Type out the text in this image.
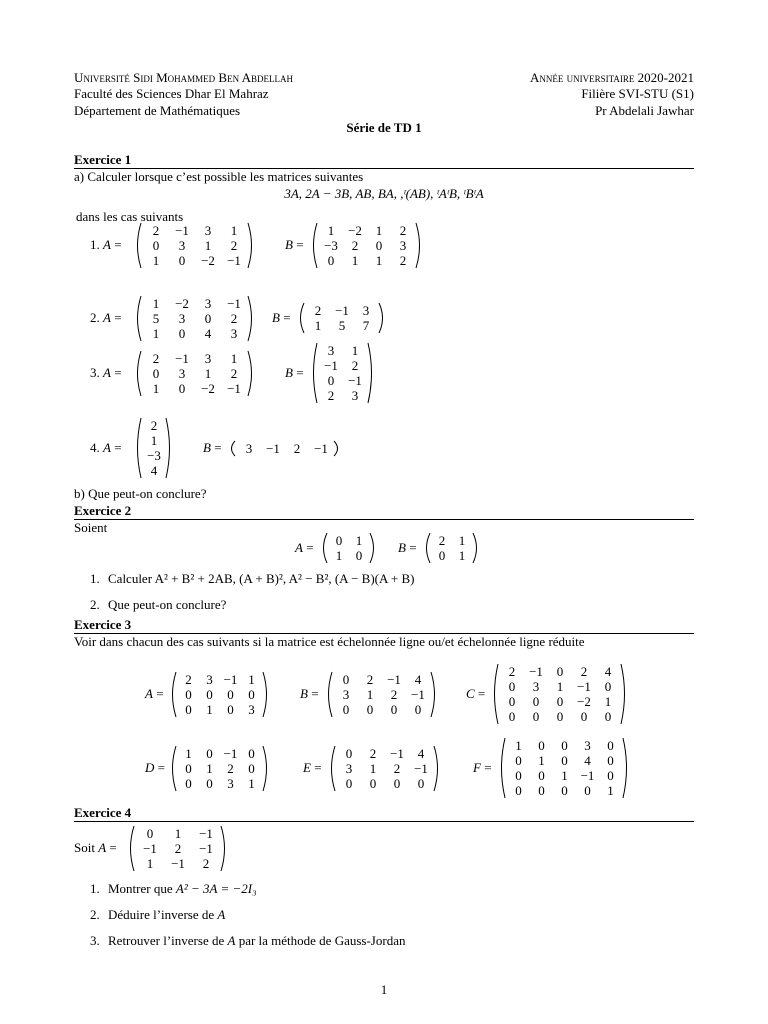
Université Sidi Mohammed Ben Abdellah
Faculté des Sciences Dhar El Mahraz
Département de Mathématiques
Année universitaire 2020-2021
Filière SVI-STU (S1)
Pr Abdelali Jawhar
Série de TD 1
Exercice 1
a) Calculer lorsque c’est possible les matrices suivantes
3A, 2A − 3B, AB, BA, ,ᵗ(AB), ᵗAᵗB, ᵗBᵗA
dans les cas suivants
b) Que peut-on conclure?
Exercice 2
Soient
1. Calculer A² + B² + 2AB, (A + B)², A² − B², (A − B)(A + B)
2. Que peut-on conclure?
Exercice 3
Voir dans chacun des cas suivants si la matrice est échelonnée ligne ou/et échelonnée ligne réduite
Exercice 4
1. Montrer que A² − 3A = −2I₃
2. Déduire l’inverse de A
3. Retrouver l’inverse de A par la méthode de Gauss-Jordan
1
1. A =
2	−1	3	1
0	3	1	2
1	0	−2	−1
B =
1	−2	1	2
−3	2	0	3
0	1	1	2
2. A =
1	−2	3	−1
5	3	0	2
1	0	4	3
B = 2	−1	3
1	5	7
3. A =
2	−1	3	1
0	3	1	2
1	0	−2	−1
B =
3	1
−1	2
0	−1
2	3
4. A =
2
1
−3
4
B = 3	−1	2	−1
A = 0	1
1	0
B = 2	1
0	1
A =
2	3	−1	1
0	0	0	0
0	1	0	3
B =
0	2	−1	4
3	1	2	−1
0	0	0	0
C =
2	−1	0	2	4
0	3	1	−1	0
0	0	0	−2	1
0	0	0	0	0
D =
1	0	−1	0
0	1	2	0
0	0	3	1
E =
0	2	−1	4
3	1	2	−1
0	0	0	0
F =
1	0	0	3	0
0	1	0	4	0
0	0	1	−1	0
0	0	0	0	1
Soit A =
0	1	−1
−1	2	−1
1	−1	2
